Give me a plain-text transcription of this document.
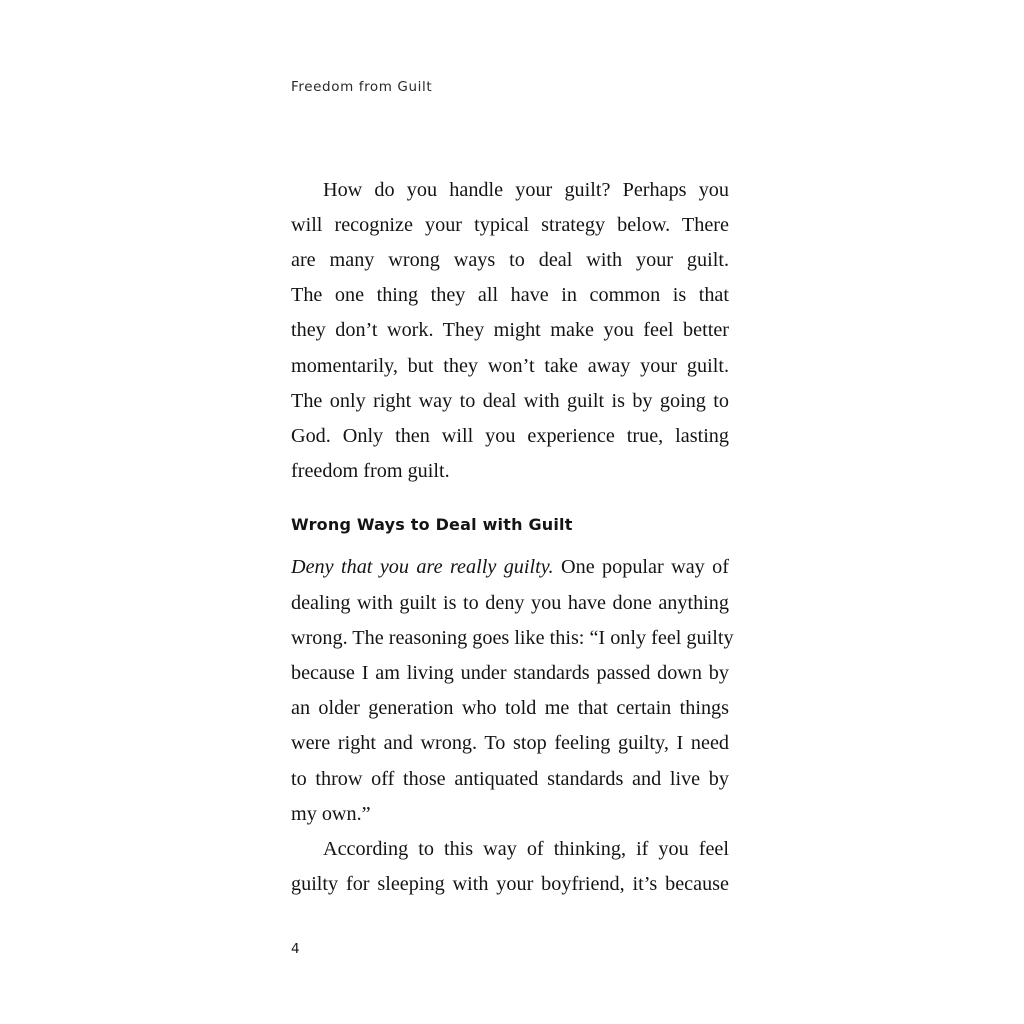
Freedom from Guilt
How do you handle your guilt? Perhaps you
will recognize your typical strategy below. There
are many wrong ways to deal with your guilt.
The one thing they all have in common is that
they don’t work. They might make you feel better
momentarily, but they won’t take away your guilt.
The only right way to deal with guilt is by going to
God. Only then will you experience true, lasting
freedom from guilt.
Wrong Ways to Deal with Guilt
Deny that you are really guilty. One popular way of
dealing with guilt is to deny you have done anything
wrong. The reasoning goes like this: “I only feel guilty
because I am living under standards passed down by
an older generation who told me that certain things
were right and wrong. To stop feeling guilty, I need
to throw off those antiquated standards and live by
my own.”
According to this way of thinking, if you feel
guilty for sleeping with your boyfriend, it’s because
4
